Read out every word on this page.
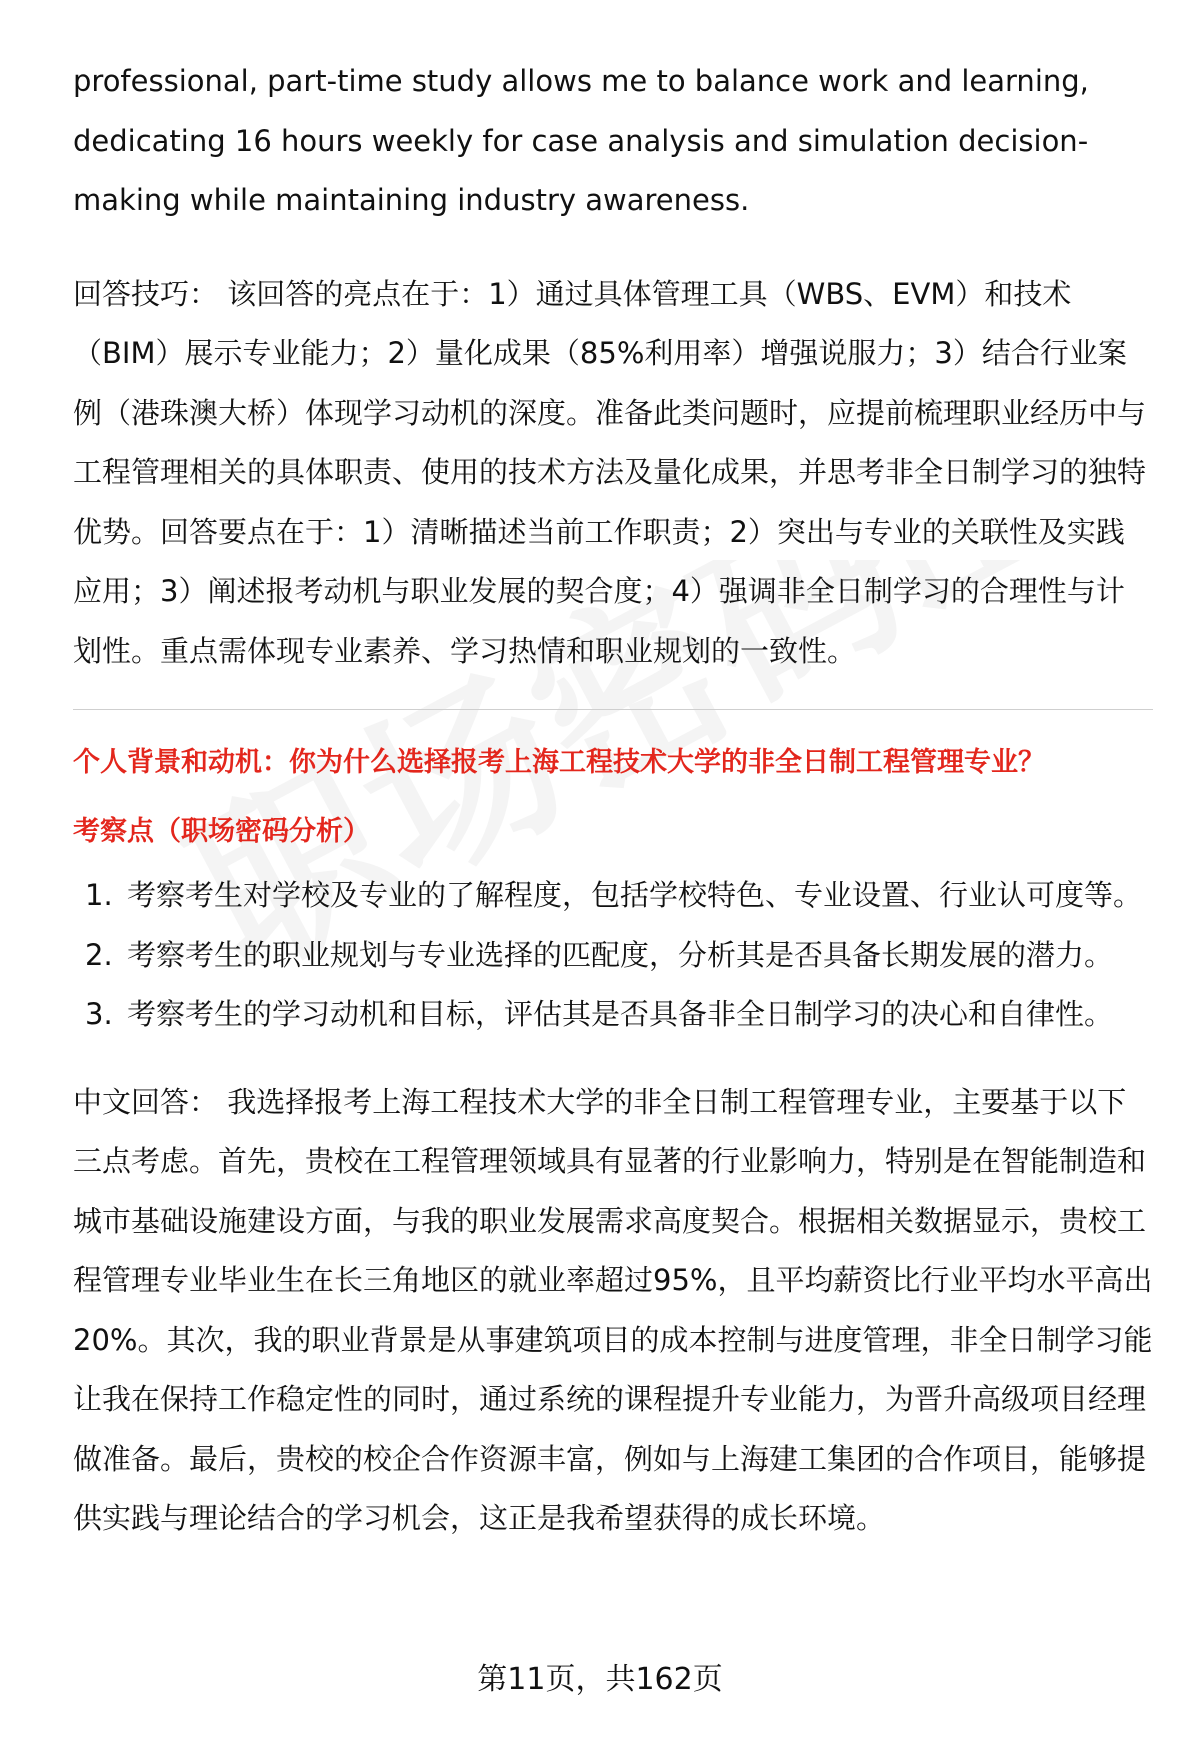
professional, part-time study allows me to balance work and learning, dedicating 16 hours weekly for case analysis and simulation decision-making while maintaining industry awareness.

回答技巧： 该回答的亮点在于：1）通过具体管理工具（WBS、EVM）和技术（BIM）展示专业能力；2）量化成果（85%利用率）增强说服力；3）结合行业案例（港珠澳大桥）体现学习动机的深度。准备此类问题时，应提前梳理职业经历中与工程管理相关的具体职责、使用的技术方法及量化成果，并思考非全日制学习的独特优势。回答要点在于：1）清晰描述当前工作职责；2）突出与专业的关联性及实践应用；3）阐述报考动机与职业发展的契合度；4）强调非全日制学习的合理性与计划性。重点需体现专业素养、学习热情和职业规划的一致性。

个人背景和动机：你为什么选择报考上海工程技术大学的非全日制工程管理专业？

考察点（职场密码分析）

1. 考察考生对学校及专业的了解程度，包括学校特色、专业设置、行业认可度等。
2. 考察考生的职业规划与专业选择的匹配度，分析其是否具备长期发展的潜力。
3. 考察考生的学习动机和目标，评估其是否具备非全日制学习的决心和自律性。

中文回答： 我选择报考上海工程技术大学的非全日制工程管理专业，主要基于以下三点考虑。首先，贵校在工程管理领域具有显著的行业影响力，特别是在智能制造和城市基础设施建设方面，与我的职业发展需求高度契合。根据相关数据显示，贵校工程管理专业毕业生在长三角地区的就业率超过95%，且平均薪资比行业平均水平高出20%。其次，我的职业背景是从事建筑项目的成本控制与进度管理，非全日制学习能让我在保持工作稳定性的同时，通过系统的课程提升专业能力，为晋升高级项目经理做准备。最后，贵校的校企合作资源丰富，例如与上海建工集团的合作项目，能够提供实践与理论结合的学习机会，这正是我希望获得的成长环境。

第11页，共162页
